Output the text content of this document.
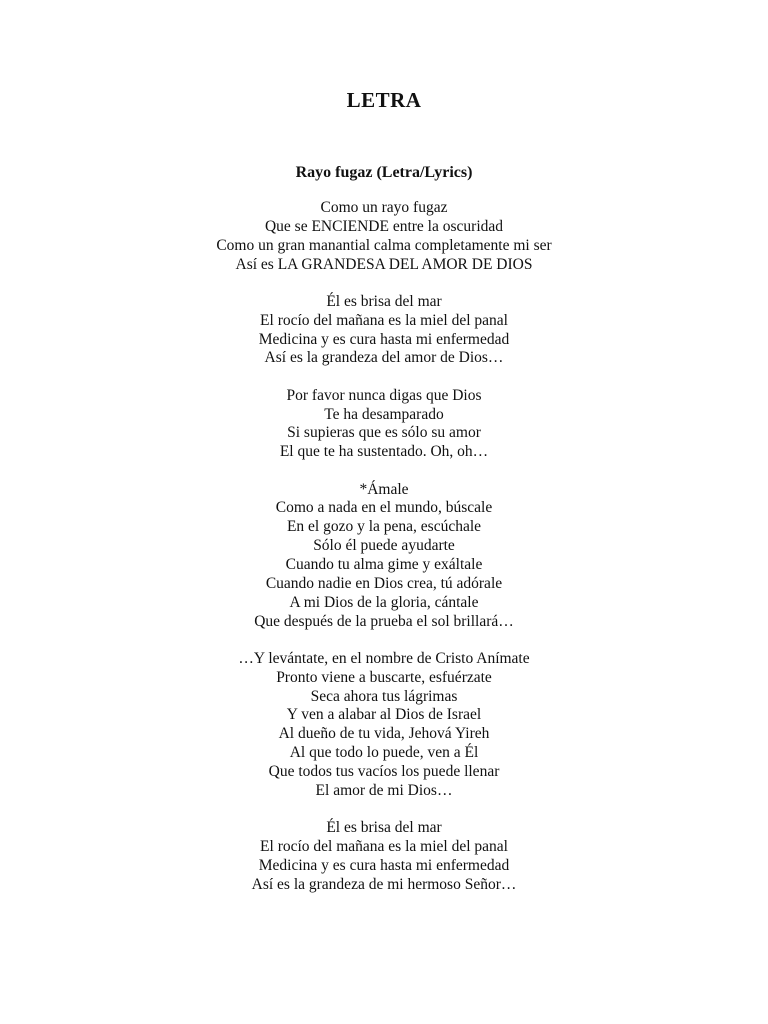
LETRA
Rayo fugaz (Letra/Lyrics)
Como un rayo fugaz
Que se ENCIENDE entre la oscuridad
Como un gran manantial calma completamente mi ser
Así es LA GRANDESA DEL AMOR DE DIOS
Él es brisa del mar
El rocío del mañana es la miel del panal
Medicina y es cura hasta mi enfermedad
Así es la grandeza del amor de Dios…
Por favor nunca digas que Dios
Te ha desamparado
Si supieras que es sólo su amor
El que te ha sustentado. Oh, oh…
*Ámale
Como a nada en el mundo, búscale
En el gozo y la pena, escúchale
Sólo él puede ayudarte
Cuando tu alma gime y exáltale
Cuando nadie en Dios crea, tú adórale
A mi Dios de la gloria, cántale
Que después de la prueba el sol brillará…
…Y levántate, en el nombre de Cristo Anímate
Pronto viene a buscarte, esfuérzate
Seca ahora tus lágrimas
Y ven a alabar al Dios de Israel
Al dueño de tu vida, Jehová Yireh
Al que todo lo puede, ven a Él
Que todos tus vacíos los puede llenar
El amor de mi Dios…
Él es brisa del mar
El rocío del mañana es la miel del panal
Medicina y es cura hasta mi enfermedad
Así es la grandeza de mi hermoso Señor…
